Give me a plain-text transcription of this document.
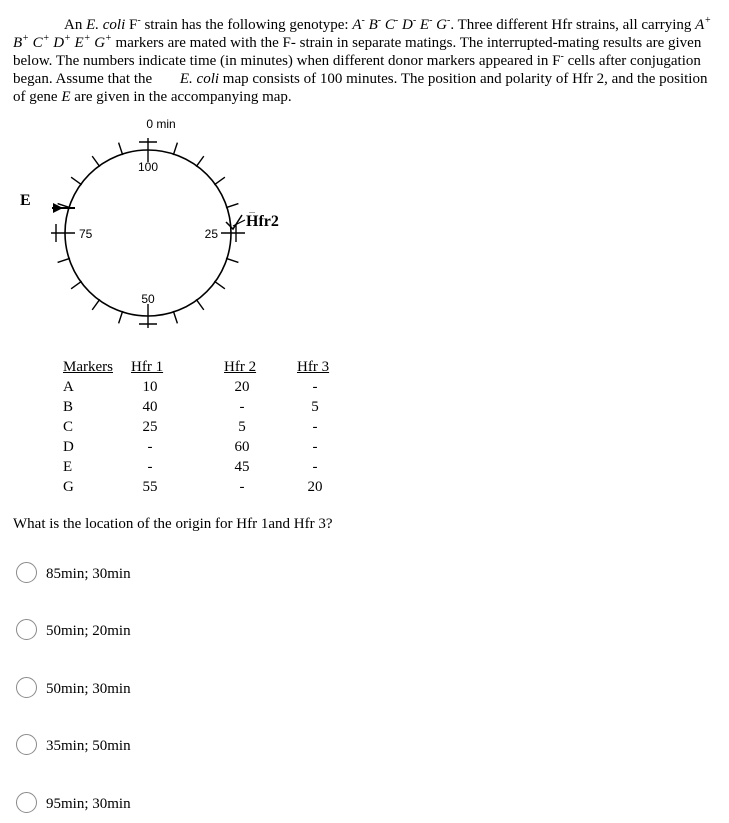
An E. coli F- strain has the following genotype: A- B- C- D- E- G-. Three different Hfr strains, all carrying A+ B+ C+ D+ E+ G+ markers are mated with the F- strain in separate matings. The interrupted-mating results are given below. The numbers indicate time (in minutes) when different donor markers appeared in F- cells after conjugation began. Assume that the E. coli map consists of 100 minutes. The position and polarity of Hfr 2, and the position of gene E are given in the accompanying map.
0 min
100
75	25
50
E
Hfr2
...
Markers Hfr 1	Hfr 2	Hfr 3
A	10	20	-
B	40	-	5
C	25	5	-
D	-	60	-
E	-	45	-
G	55	-	20
What is the location of the origin for Hfr 1and Hfr 3?
85min; 30min
50min; 20min
50min; 30min
35min; 50min
95min; 30min
